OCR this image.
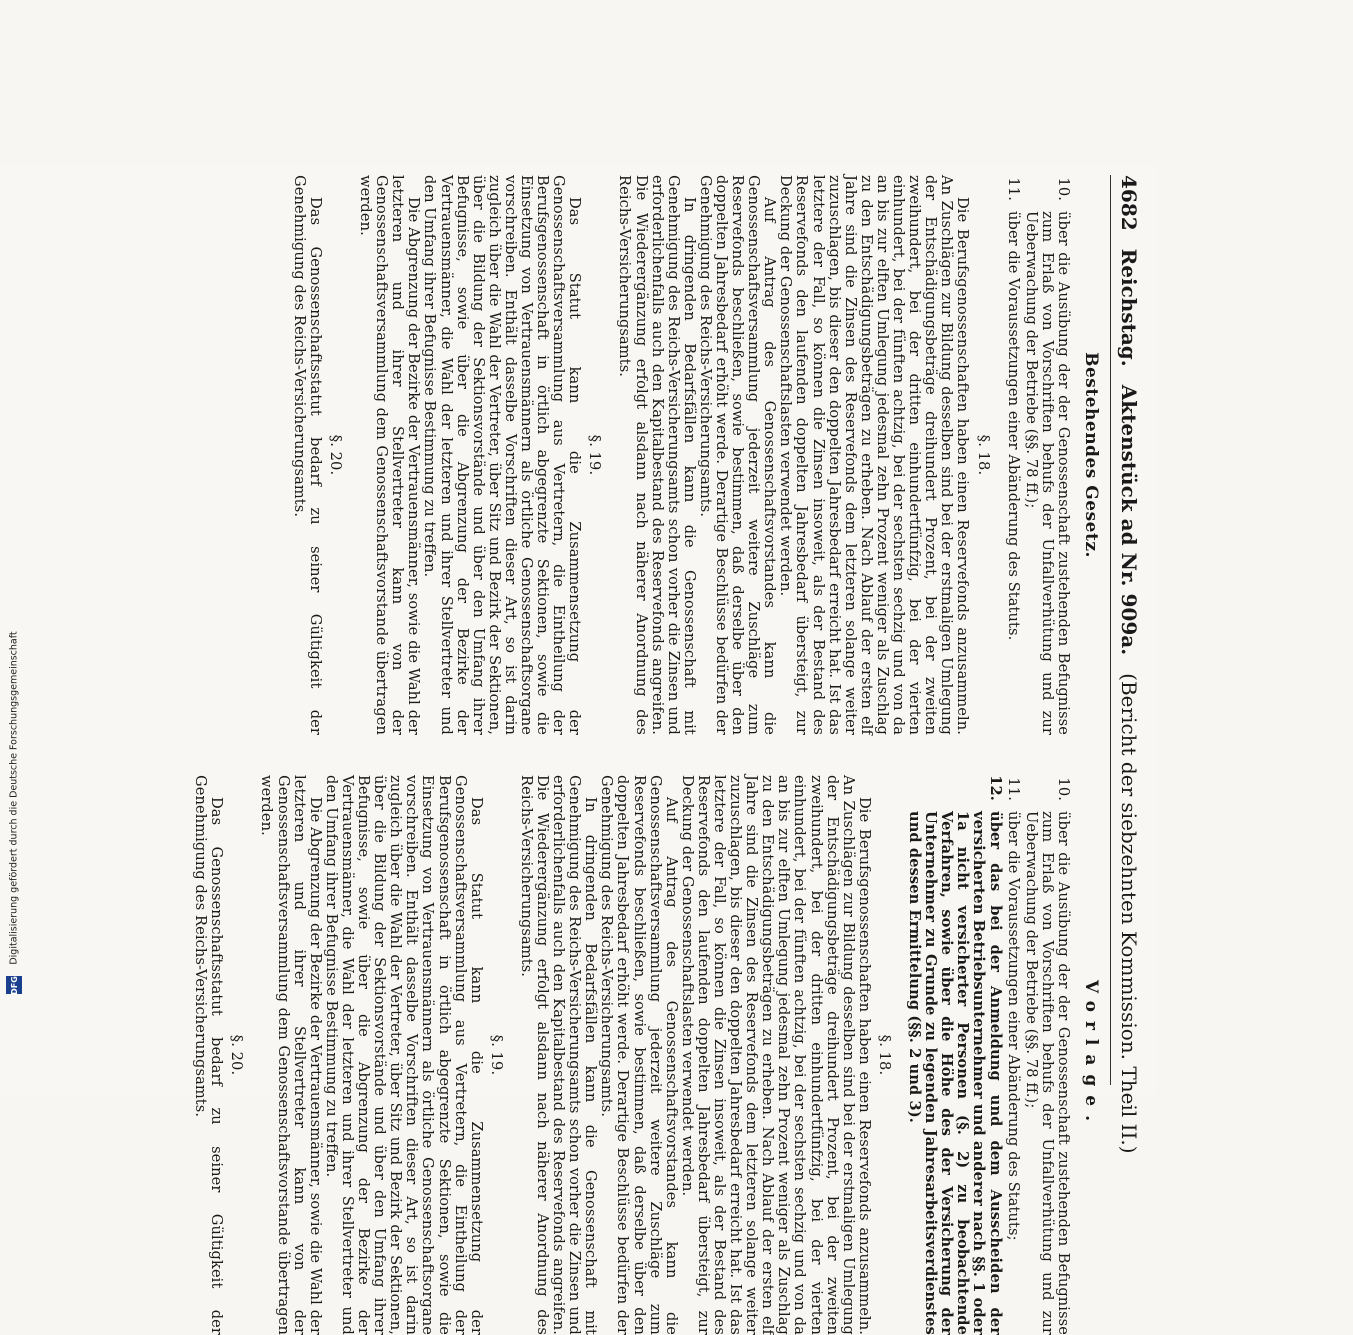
4682
Reichstag.
Aktenstück ad Nr. 909a.
(Bericht der siebzehnten Kommission. Theil II.)
Bestehendes Gesetz.
10.
über die Ausübung der der Genossenschaft zustehenden Befugnisse zum Erlaß von Vorschriften behufs der Unfallverhütung und zur Ueberwachung der Betriebe (§§. 78 ff.);
11.
über die Voraussetzungen einer Abänderung des Statuts.
§. 18.

Die Berufsgenossenschaften haben einen Reservefonds anzusammeln. An Zuschlägen zur Bildung desselben sind bei der erstmaligen Umlegung der Entschädigungsbeträge dreihundert Prozent, bei der zweiten zweihundert, bei der dritten einhundertfünfzig, bei der vierten einhundert, bei der fünften achtzig, bei der sechsten sechzig und von da an bis zur elften Umlegung jedesmal zehn Prozent weniger als Zuschlag zu den Entschädigungsbeträgen zu erheben. Nach Ablauf der ersten elf Jahre sind die Zinsen des Reservefonds dem letzteren solange weiter zuzuschlagen, bis dieser den doppelten Jahresbedarf erreicht hat. Ist das letztere der Fall, so können die Zinsen insoweit, als der Bestand des Reservefonds den laufenden doppelten Jahresbedarf übersteigt, zur Deckung der Genossenschaftslasten verwendet werden.

Auf Antrag des Genossenschaftsvorstandes kann die Genossenschaftsversammlung jederzeit weitere Zuschläge zum Reservefonds beschließen, sowie bestimmen, daß derselbe über den doppelten Jahresbedarf erhöht werde. Derartige Beschlüsse bedürfen der Genehmigung des Reichs-Versicherungsamts.

In dringenden Bedarfsfällen kann die Genossenschaft mit Genehmigung des Reichs-Versicherungsamts schon vorher die Zinsen und erforderlichenfalls auch den Kapitalbestand des Reservefonds angreifen. Die Wiederergänzung erfolgt alsdann nach näherer Anordnung des Reichs-Versicherungsamts.

§. 19.

Das Statut kann die Zusammensetzung der Genossenschaftsversammlung aus Vertretern, die Eintheilung der Berufsgenossenschaft in örtlich abgegrenzte Sektionen, sowie die Einsetzung von Vertrauensmännern als örtliche Genossenschaftsorgane vorschreiben. Enthält dasselbe Vorschriften dieser Art, so ist darin zugleich über die Wahl der Vertreter, über Sitz und Bezirk der Sektionen, über die Bildung der Sektionsvorstände und über den Umfang ihrer Befugnisse, sowie über die Abgrenzung der Bezirke der Vertrauensmänner, die Wahl der letzteren und ihrer Stellvertreter und den Umfang ihrer Befugnisse Bestimmung zu treffen.

Die Abgrenzung der Bezirke der Vertrauensmänner, sowie die Wahl der letzteren und ihrer Stellvertreter kann von der Genossenschaftsversammlung dem Genossenschaftsvorstande übertragen werden.

§. 20.

Das Genossenschaftsstatut bedarf zu seiner Gültigkeit der Genehmigung des Reichs-Versicherungsamts.

Vorlage.
10.
über die Ausübung der der Genossenschaft zustehenden Befugnisse zum Erlaß von Vorschriften behufs der Unfallverhütung und zur Ueberwachung der Betriebe (§§. 78 ff.);
11.
über die Voraussetzungen einer Abänderung des Statuts;
12.
über das bei der Anmeldung und dem Ausscheiden der versicherten Betriebsunternehmer und anderer nach §§. 1 oder 1a nicht versicherter Personen (§. 2) zu beobachtende Verfahren, sowie über die Höhe des der Versicherung der Unternehmer zu Grunde zu legenden Jahresarbeitsverdienstes und dessen Ermittelung (§§. 2 und 3).
§. 18.

Die Berufsgenossenschaften haben einen Reservefonds anzusammeln. An Zuschlägen zur Bildung desselben sind bei der erstmaligen Umlegung der Entschädigungsbeträge dreihundert Prozent, bei der zweiten zweihundert, bei der dritten einhundertfünfzig, bei der vierten einhundert, bei der fünften achtzig, bei der sechsten sechzig und von da an bis zur elften Umlegung jedesmal zehn Prozent weniger als Zuschlag zu den Entschädigungsbeträgen zu erheben. Nach Ablauf der ersten elf Jahre sind die Zinsen des Reservefonds dem letzteren solange weiter zuzuschlagen, bis dieser den doppelten Jahresbedarf erreicht hat. Ist das letztere der Fall, so können die Zinsen insoweit, als der Bestand des Reservefonds den laufenden doppelten Jahresbedarf übersteigt, zur Deckung der Genossenschaftslasten verwendet werden.

Auf Antrag des Genossenschaftsvorstandes kann die Genossenschaftsversammlung jederzeit weitere Zuschläge zum Reservefonds beschließen, sowie bestimmen, daß derselbe über den doppelten Jahresbedarf erhöht werde. Derartige Beschlüsse bedürfen der Genehmigung des Reichs-Versicherungsamts.

In dringenden Bedarfsfällen kann die Genossenschaft mit Genehmigung des Reichs-Versicherungsamts schon vorher die Zinsen und erforderlichenfalls auch den Kapitalbestand des Reservefonds angreifen. Die Wiederergänzung erfolgt alsdann nach näherer Anordnung des Reichs-Versicherungsamts.

§. 19.

Das Statut kann die Zusammensetzung der Genossenschaftsversammlung aus Vertretern, die Eintheilung der Berufsgenossenschaft in örtlich abgegrenzte Sektionen, sowie die Einsetzung von Vertrauensmännern als örtliche Genossenschaftsorgane vorschreiben. Enthält dasselbe Vorschriften dieser Art, so ist darin zugleich über die Wahl der Vertreter, über Sitz und Bezirk der Sektionen, über die Bildung der Sektionsvorstände und über den Umfang ihrer Befugnisse, sowie über die Abgrenzung der Bezirke der Vertrauensmänner, die Wahl der letzteren und ihrer Stellvertreter und den Umfang ihrer Befugnisse Bestimmung zu treffen.

Die Abgrenzung der Bezirke der Vertrauensmänner, sowie die Wahl der letzteren und ihrer Stellvertreter kann von der Genossenschaftsversammlung dem Genossenschaftsvorstande übertragen werden.

§. 20.

Das Genossenschaftsstatut bedarf zu seiner Gültigkeit der Genehmigung des Reichs-Versicherungsamts.

Digitalisierung gefördert durch die Deutsche Forschungsgemeinschaft
DFG
